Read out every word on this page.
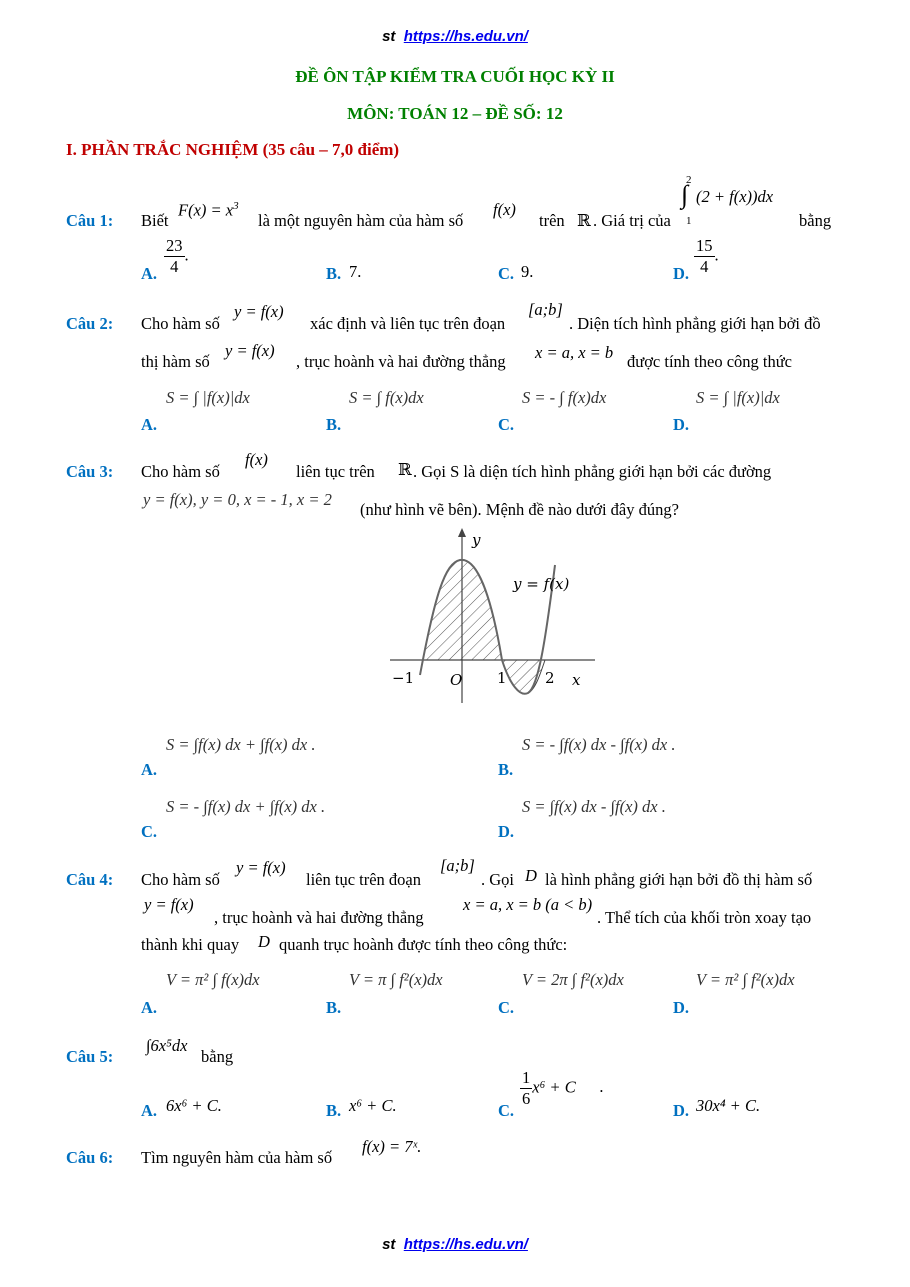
st https://hs.edu.vn/
ĐỀ ÔN TẬP KIỂM TRA CUỐI HỌC KỲ II
MÔN: TOÁN 12 – ĐỀ SỐ: 12
I. PHẦN TRẮC NGHIỆM (35 câu – 7,0 điểm)
Câu 1: Biết
$F(x) = x^3$
là một nguyên hàm của hàm số
f(x)
trên ℝ . Giá trị của
2
∫
1
(2 + f(x))dx
bằng
A. $\frac{23}{4}$ .
B. 7.	C. 9.	D. $\frac{15}{4}$ .
Câu 2: Cho hàm số
y = f(x)
xác định và liên tục trên đoạn
[a;b]
. Diện tích hình phẳng giới hạn bởi đồ
thị hàm số
y = f(x)
, trục hoành và hai đường thẳng x = a, x = b được tính theo công thức
A.
S = ∫ |f(x)|dx
B.
S = ∫ f(x)dx
C.
S = - ∫ f(x)dx
D.
S = ∫ |f(x)|dx
Câu 3: Cho hàm số
f(x)
liên tục trên ℝ . Gọi S là diện tích hình phẳng giới hạn bởi các đường
y = f(x), y = 0, x = - 1, x = 2
(như hình vẽ bên). Mệnh đề nào dưới đây đúng?
y
y = f(x)
−1 O 1	2 x
A.
S = ∫f(x) dx + ∫f(x) dx .
B.
S = - ∫f(x) dx - ∫f(x) dx .
C.
S = - ∫f(x) dx + ∫f(x) dx .
D.
S = ∫f(x) dx - ∫f(x) dx .
Câu 4: Cho hàm số
y = f(x)
liên tục trên đoạn
[a;b]
. Gọi D là hình phẳng giới hạn bởi đồ thị hàm số
y = f(x)
, trục hoành và hai đường thẳng
x = a, x = b (a < b)
. Thể tích của khối tròn xoay tạo
thành khi quay D quanh trục hoành được tính theo công thức:
A.
V = π² ∫ f(x)dx
B.
V = π ∫ f²(x)dx
C.
V = 2π ∫ f²(x)dx
D.
V = π² ∫ f²(x)dx
Câu 5:
∫6x⁵dx
bằng
A. 6x⁶ + C.	B. x⁶ + C.	C.
$\frac{1}{6} x^6 + C$ .
D. 30x⁴ + C.
Câu 6: Tìm nguyên hàm của hàm số
f(x) = 7ˣ.
st https://hs.edu.vn/
